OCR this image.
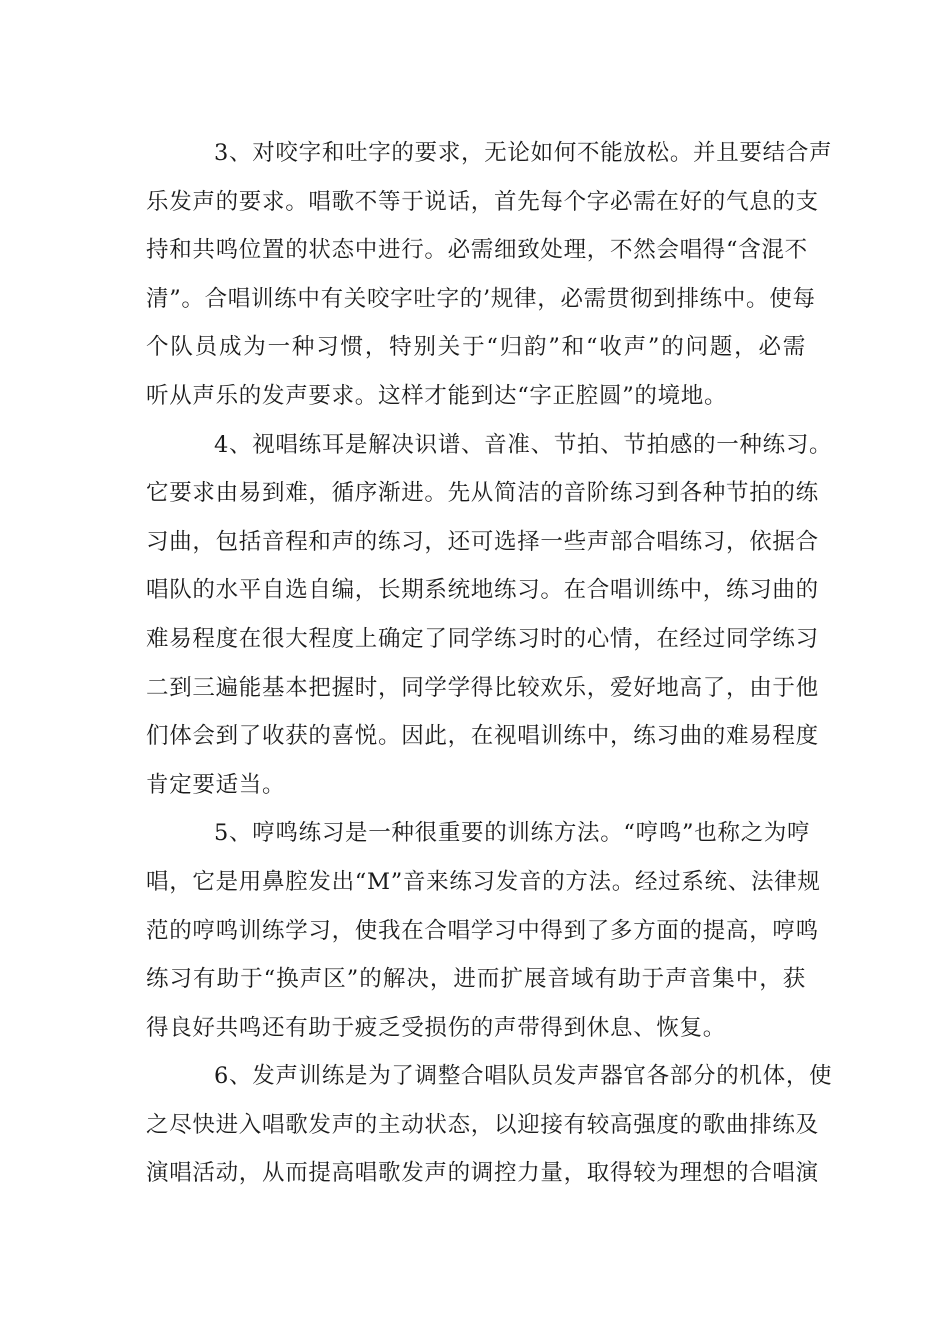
3、对咬字和吐字的要求，无论如何不能放松。并且要结合声
乐发声的要求。唱歌不等于说话，首先每个字必需在好的气息的支
持和共鸣位置的状态中进行。必需细致处理，不然会唱得“含混不
清”。合唱训练中有关咬字吐字的’规律，必需贯彻到排练中。使每
个队员成为一种习惯，特别关于“归韵”和“收声”的问题，必需
听从声乐的发声要求。这样才能到达“字正腔圆”的境地。
4、视唱练耳是解决识谱、音准、节拍、节拍感的一种练习。
它要求由易到难，循序渐进。先从简洁的音阶练习到各种节拍的练
习曲，包括音程和声的练习，还可选择一些声部合唱练习，依据合
唱队的水平自选自编，长期系统地练习。在合唱训练中，练习曲的
难易程度在很大程度上确定了同学练习时的心情，在经过同学练习
二到三遍能基本把握时，同学学得比较欢乐，爱好地高了，由于他
们体会到了收获的喜悦。因此，在视唱训练中，练习曲的难易程度
肯定要适当。
5、哼鸣练习是一种很重要的训练方法。“哼鸣”也称之为哼
唱，它是用鼻腔发出“M”音来练习发音的方法。经过系统、法律规
范的哼鸣训练学习，使我在合唱学习中得到了多方面的提高，哼鸣
练习有助于“换声区”的解决，进而扩展音域有助于声音集中，获
得良好共鸣还有助于疲乏受损伤的声带得到休息、恢复。
6、发声训练是为了调整合唱队员发声器官各部分的机体，使
之尽快进入唱歌发声的主动状态，以迎接有较高强度的歌曲排练及
演唱活动，从而提高唱歌发声的调控力量，取得较为理想的合唱演
